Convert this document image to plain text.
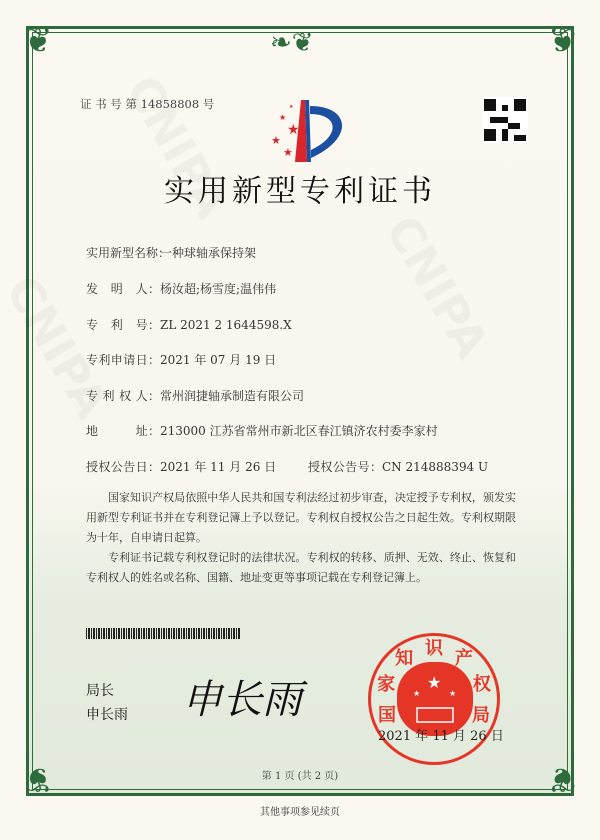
❦	❦
❦	❦
❧❦
证 书 号 第 14858808 号
★
★
★
★
★
实用新型专利证书
实用新型名称：一种球轴承保持架
发　明　人：杨汝超;杨雪度;温伟伟
专　利　号：ZL 2021 2 1644598.X
专利申请日：2021 年 07 月 19 日
专 利 权 人：常州润捷轴承制造有限公司
地　　　址：213000 江苏省常州市新北区春江镇济农村委李家村
授权公告日：2021 年 11 月 26 日	授权公告号：CN 214888394 U
国家知识产权局依照中华人民共和国专利法经过初步审查，决定授予专利权，颁发实用新型专利证书并在专利登记簿上予以登记。专利权自授权公告之日起生效。专利权期限为十年，自申请日起算。
专利证书记载专利权登记时的法律状况。专利权的转移、质押、无效、终止、恢复和专利权人的姓名或名称、国籍、地址变更等事项记载在专利登记簿上。
局长
申长雨 申长雨	★
★	★
国
家
知 识 产
权
局
2021 年 11 月 26 日
第 1 页 (共 2 页)
其他事项参见续页
